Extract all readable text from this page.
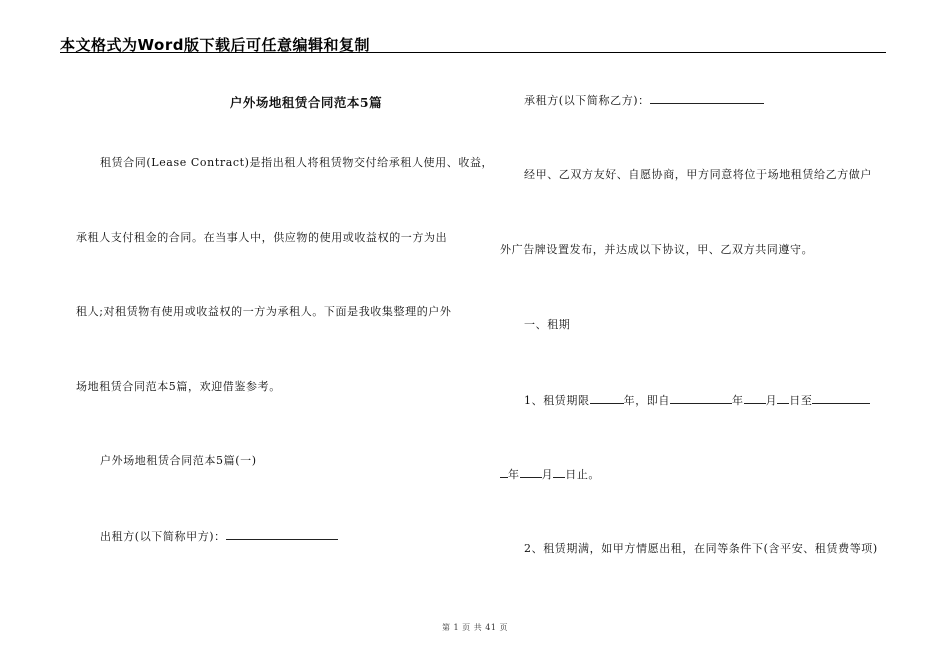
本文格式为Word版下载后可任意编辑和复制
户外场地租赁合同范本5篇
租赁合同(Lease Contract)是指出租人将租赁物交付给承租人使用、收益，
承租人支付租金的合同。在当事人中，供应物的使用或收益权的一方为出
租人;对租赁物有使用或收益权的一方为承租人。下面是我收集整理的户外
场地租赁合同范本5篇，欢迎借鉴参考。
户外场地租赁合同范本5篇(一)
出租方(以下简称甲方)：
承租方(以下简称乙方)：
经甲、乙双方友好、自愿协商，甲方同意将位于场地租赁给乙方做户
外广告牌设置发布，并达成以下协议，甲、乙双方共同遵守。
一、租期
1、租赁期限	年，即自	年 月 日至
年 月 日止。
2、租赁期满，如甲方情愿出租，在同等条件下(含平安、租赁费等项)
第 1 页 共 41 页
